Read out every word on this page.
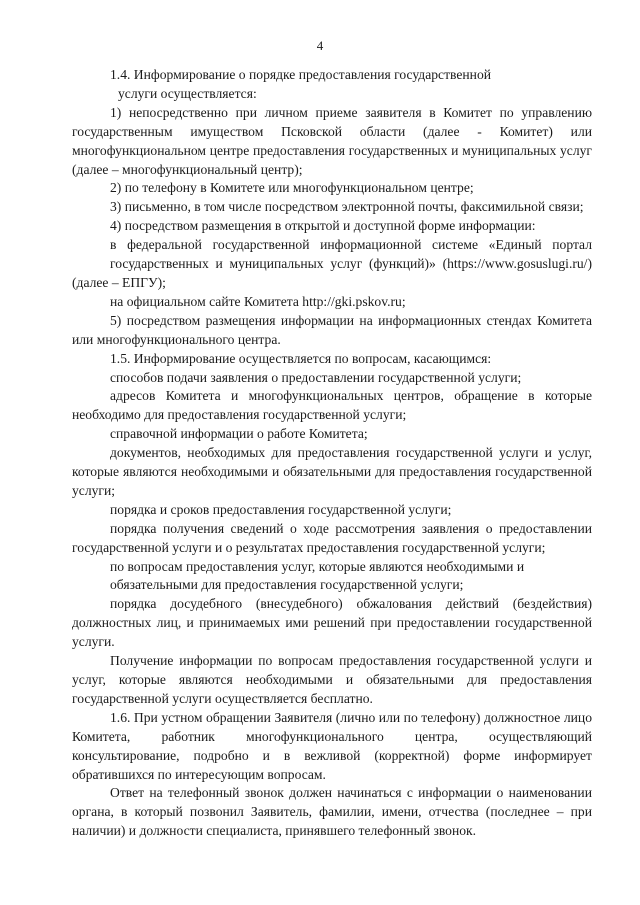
4

1.4. Информирование о порядке предоставления государственной

услуги осуществляется:

1) непосредственно при личном приеме заявителя в Комитет по управлению государственным имуществом Псковской области (далее - Комитет) или многофункциональном центре предоставления государственных и муниципальных услуг (далее – многофункциональный центр);

2) по телефону в Комитете или многофункциональном центре;

3) письменно, в том числе посредством электронной почты, факсимильной связи;

4) посредством размещения в открытой и доступной форме информации:

в федеральной государственной информационной системе «Единый портал

государственных и муниципальных услуг (функций)» (https://www.gosuslugi.ru/) (далее – ЕПГУ);

на официальном сайте Комитета http://gki.pskov.ru;

5) посредством размещения информации на информационных стендах Комитета или многофункционального центра.

1.5. Информирование осуществляется по вопросам, касающимся:

способов подачи заявления о предоставлении государственной услуги;

адресов Комитета и многофункциональных центров, обращение в которые необходимо для предоставления государственной услуги;

справочной информации о работе Комитета;

документов, необходимых для предоставления государственной услуги и услуг, которые являются необходимыми и обязательными для предоставления государственной услуги;

порядка и сроков предоставления государственной услуги;

порядка получения сведений о ходе рассмотрения заявления о предоставлении государственной услуги и о результатах предоставления государственной услуги;

по вопросам предоставления услуг, которые являются необходимыми и

обязательными для предоставления государственной услуги;

порядка досудебного (внесудебного) обжалования действий (бездействия) должностных лиц, и принимаемых ими решений при предоставлении государственной услуги.

Получение информации по вопросам предоставления государственной услуги и услуг, которые являются необходимыми и обязательными для предоставления государственной услуги осуществляется бесплатно.

1.6. При устном обращении Заявителя (лично или по телефону) должностное лицо Комитета, работник многофункционального центра, осуществляющий консультирование, подробно и в вежливой (корректной) форме информирует обратившихся по интересующим вопросам.

Ответ на телефонный звонок должен начинаться с информации о наименовании органа, в который позвонил Заявитель, фамилии, имени, отчества (последнее – при наличии) и должности специалиста, принявшего телефонный звонок.
